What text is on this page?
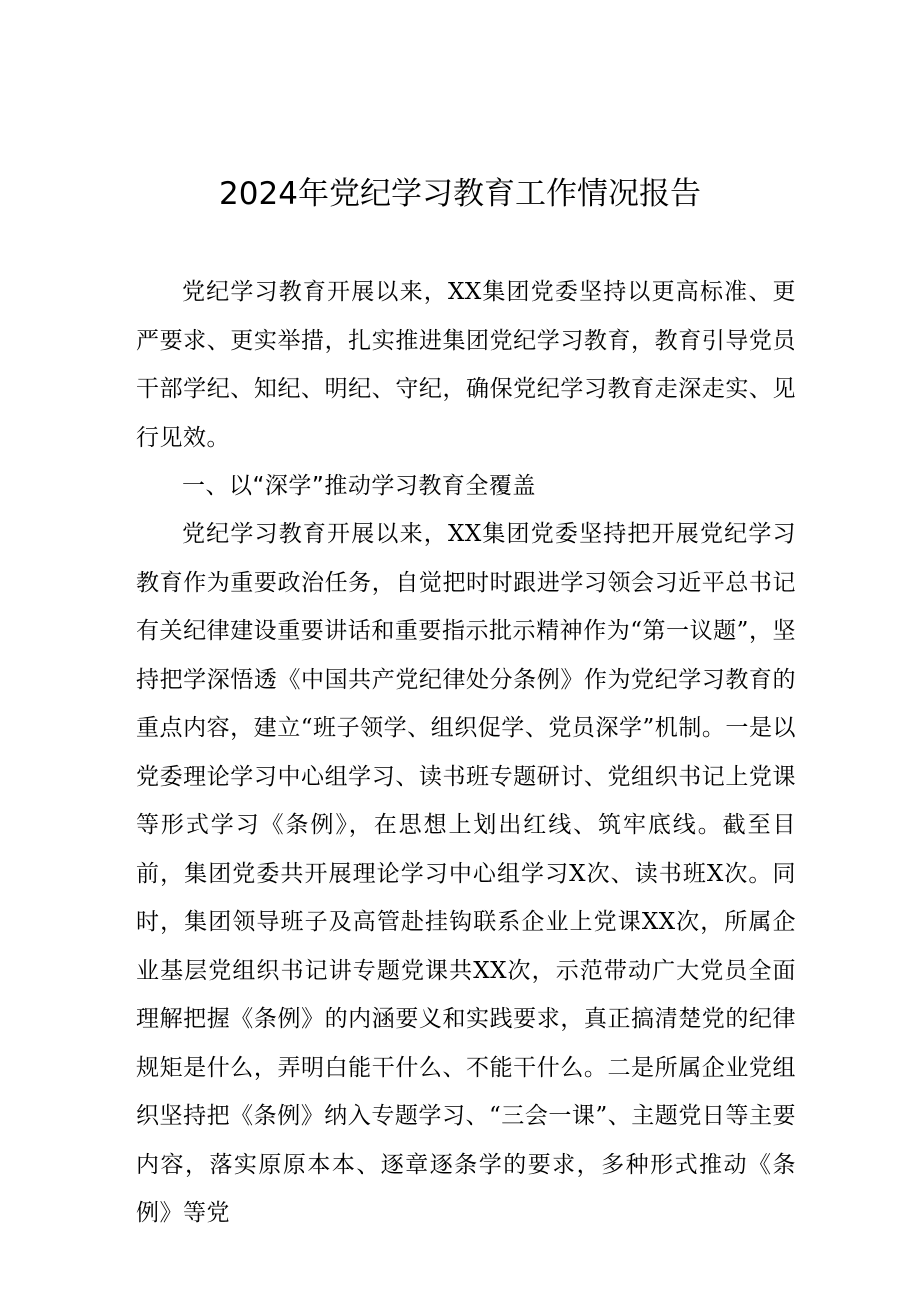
2024年党纪学习教育工作情况报告
党纪学习教育开展以来，XX集团党委坚持以更高标准、更严要求、更实举措，扎实推进集团党纪学习教育，教育引导党员干部学纪、知纪、明纪、守纪，确保党纪学习教育走深走实、见行见效。
一、以“深学”推动学习教育全覆盖
党纪学习教育开展以来，XX集团党委坚持把开展党纪学习教育作为重要政治任务，自觉把时时跟进学习领会习近平总书记有关纪律建设重要讲话和重要指示批示精神作为“第一议题”，坚持把学深悟透《中国共产党纪律处分条例》作为党纪学习教育的重点内容，建立“班子领学、组织促学、党员深学”机制。一是以党委理论学习中心组学习、读书班专题研讨、党组织书记上党课等形式学习《条例》，在思想上划出红线、筑牢底线。截至目前，集团党委共开展理论学习中心组学习X次、读书班X次。同时，集团领导班子及高管赴挂钩联系企业上党课XX次，所属企业基层党组织书记讲专题党课共XX次，示范带动广大党员全面理解把握《条例》的内涵要义和实践要求，真正搞清楚党的纪律规矩是什么，弄明白能干什么、不能干什么。二是所属企业党组织坚持把《条例》纳入专题学习、“三会一课”、主题党日等主要内容，落实原原本本、逐章逐条学的要求，多种形式推动《条例》等党
